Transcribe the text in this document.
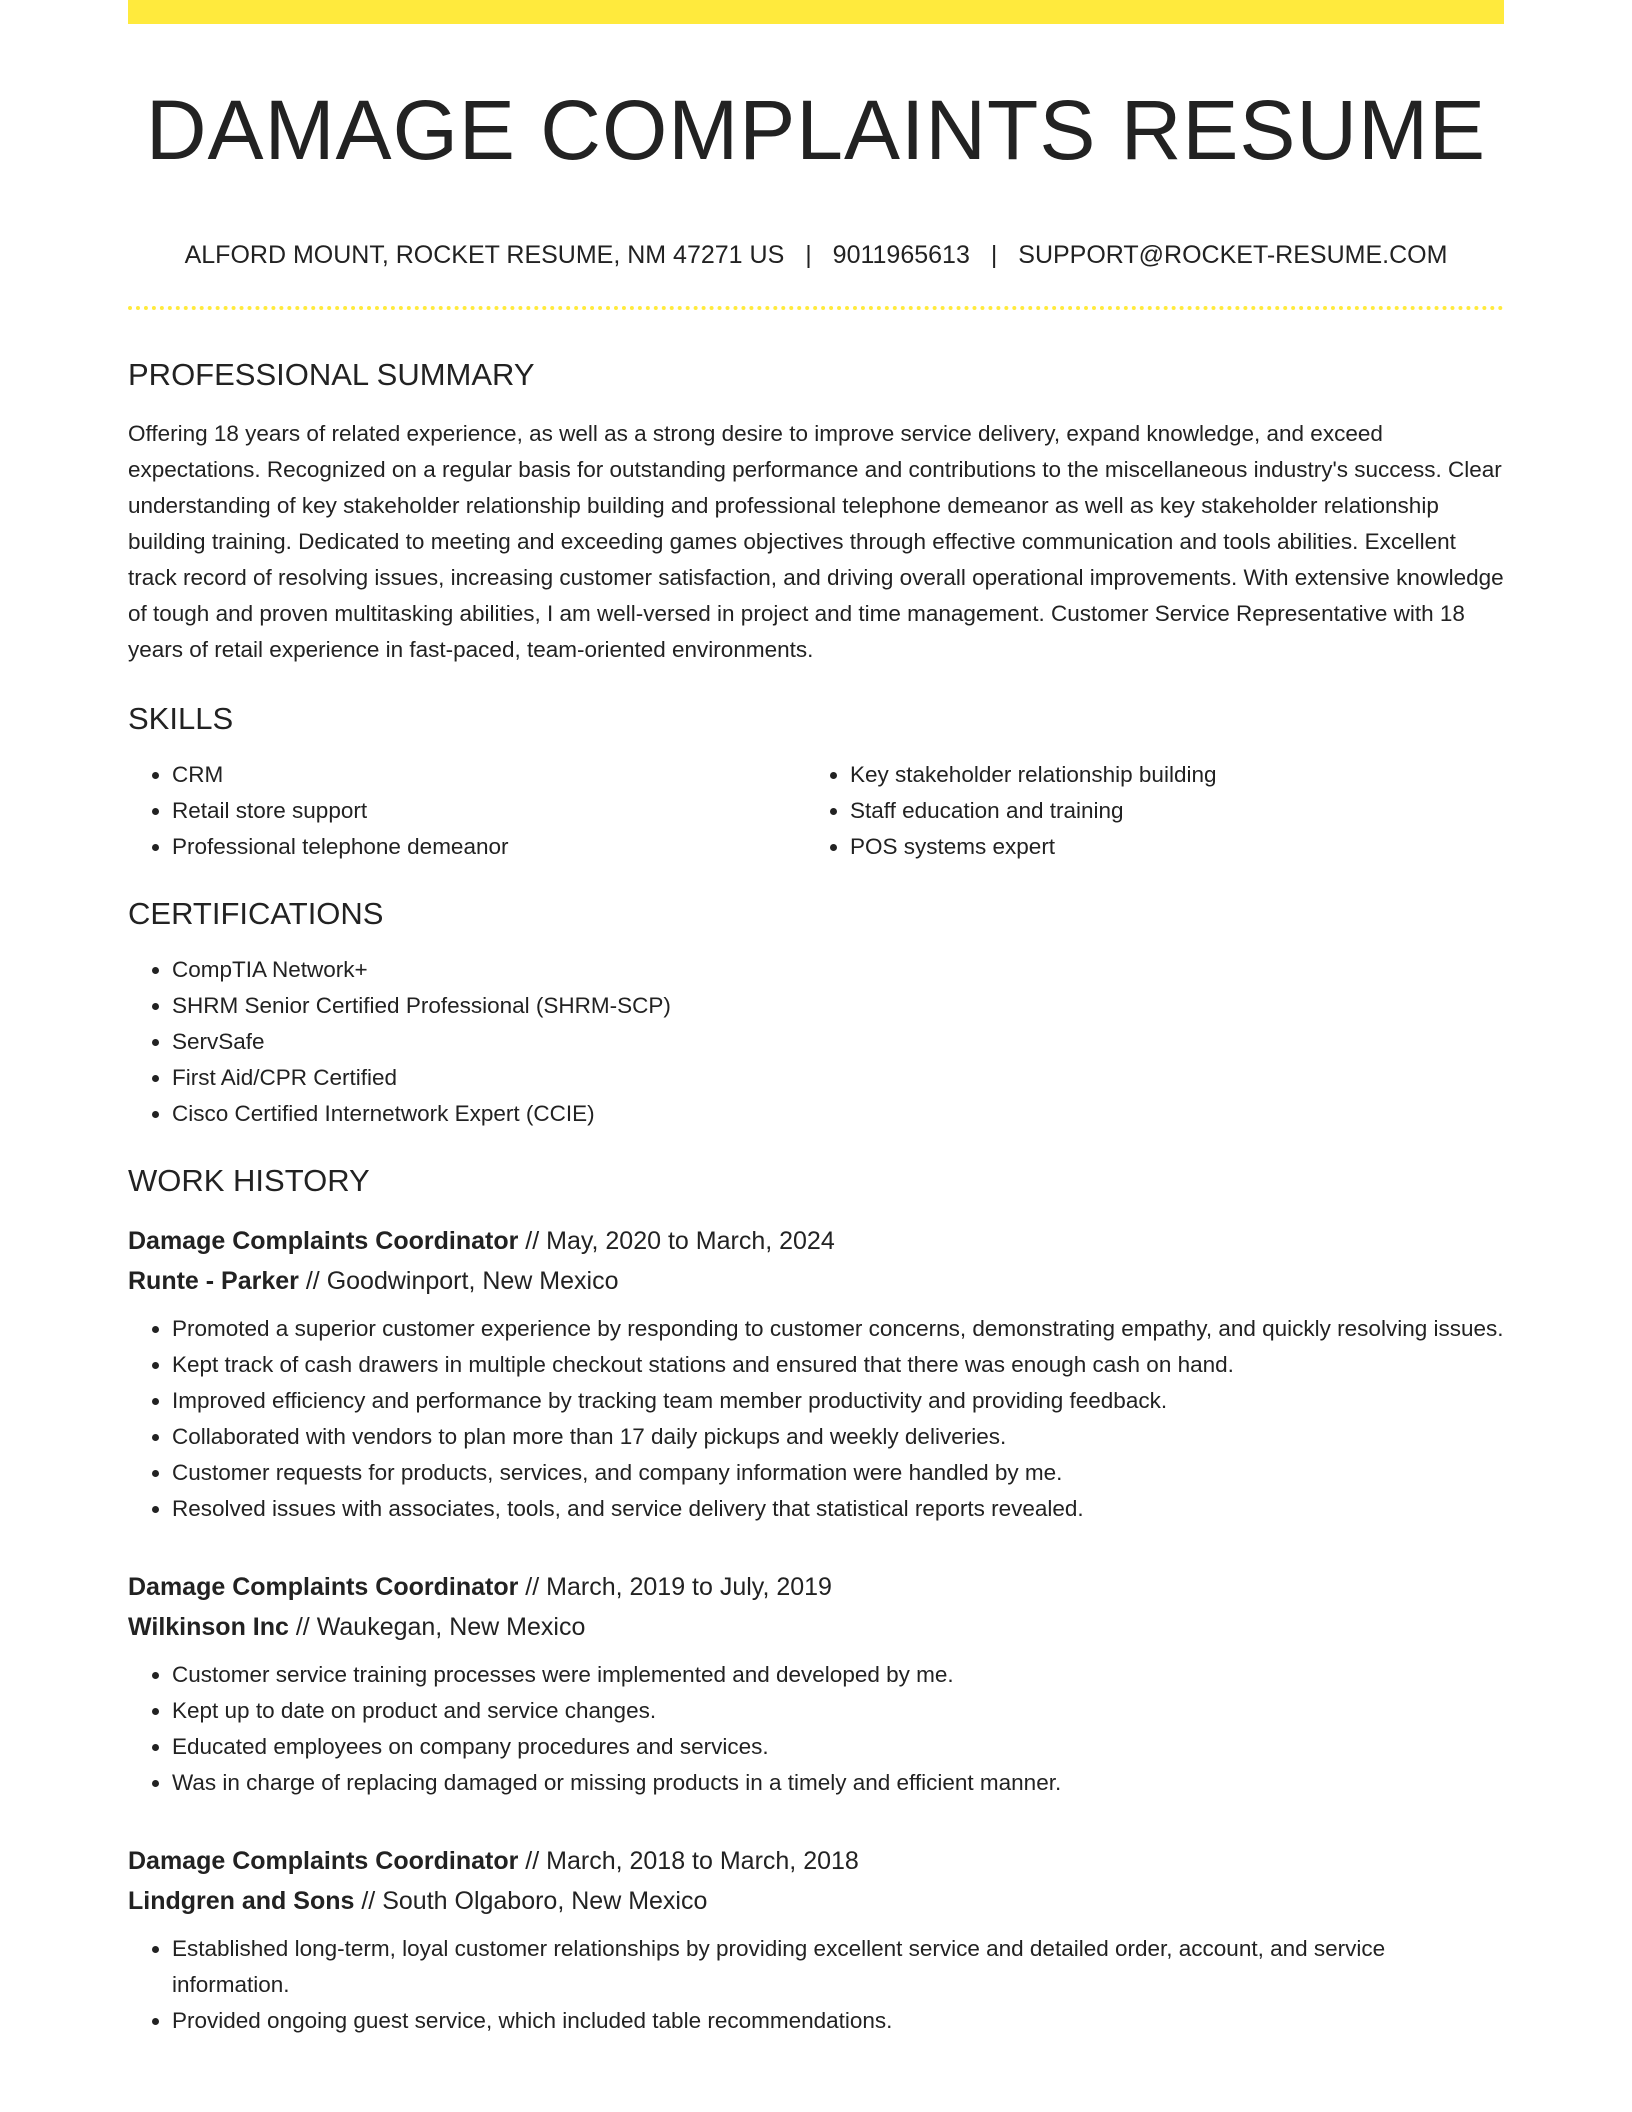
DAMAGE COMPLAINTS RESUME
ALFORD MOUNT, ROCKET RESUME, NM 47271 US | 9011965613 | SUPPORT@ROCKET-RESUME.COM
PROFESSIONAL SUMMARY

Offering 18 years of related experience, as well as a strong desire to improve service delivery, expand knowledge, and exceed expectations. Recognized on a regular basis for outstanding performance and contributions to the miscellaneous industry's success. Clear understanding of key stakeholder relationship building and professional telephone demeanor as well as key stakeholder relationship building training. Dedicated to meeting and exceeding games objectives through effective communication and tools abilities. Excellent track record of resolving issues, increasing customer satisfaction, and driving overall operational improvements. With extensive knowledge of tough and proven multitasking abilities, I am well-versed in project and time management. Customer Service Representative with 18 years of retail experience in fast-paced, team-oriented environments.

SKILLS
• CRM
• Retail store support
• Professional telephone demeanor
• Key stakeholder relationship building
• Staff education and training
• POS systems expert
CERTIFICATIONS
• CompTIA Network+
• SHRM Senior Certified Professional (SHRM-SCP)
• ServSafe
• First Aid/CPR Certified
• Cisco Certified Internetwork Expert (CCIE)
WORK HISTORY
Damage Complaints Coordinator // May, 2020 to March, 2024
Runte - Parker // Goodwinport, New Mexico
• Promoted a superior customer experience by responding to customer concerns, demonstrating empathy, and quickly resolving issues.
• Kept track of cash drawers in multiple checkout stations and ensured that there was enough cash on hand.
• Improved efficiency and performance by tracking team member productivity and providing feedback.
• Collaborated with vendors to plan more than 17 daily pickups and weekly deliveries.
• Customer requests for products, services, and company information were handled by me.
• Resolved issues with associates, tools, and service delivery that statistical reports revealed.
Damage Complaints Coordinator // March, 2019 to July, 2019
Wilkinson Inc // Waukegan, New Mexico
• Customer service training processes were implemented and developed by me.
• Kept up to date on product and service changes.
• Educated employees on company procedures and services.
• Was in charge of replacing damaged or missing products in a timely and efficient manner.
Damage Complaints Coordinator // March, 2018 to March, 2018
Lindgren and Sons // South Olgaboro, New Mexico
• Established long-term, loyal customer relationships by providing excellent service and detailed order, account, and service information.
• Provided ongoing guest service, which included table recommendations.
